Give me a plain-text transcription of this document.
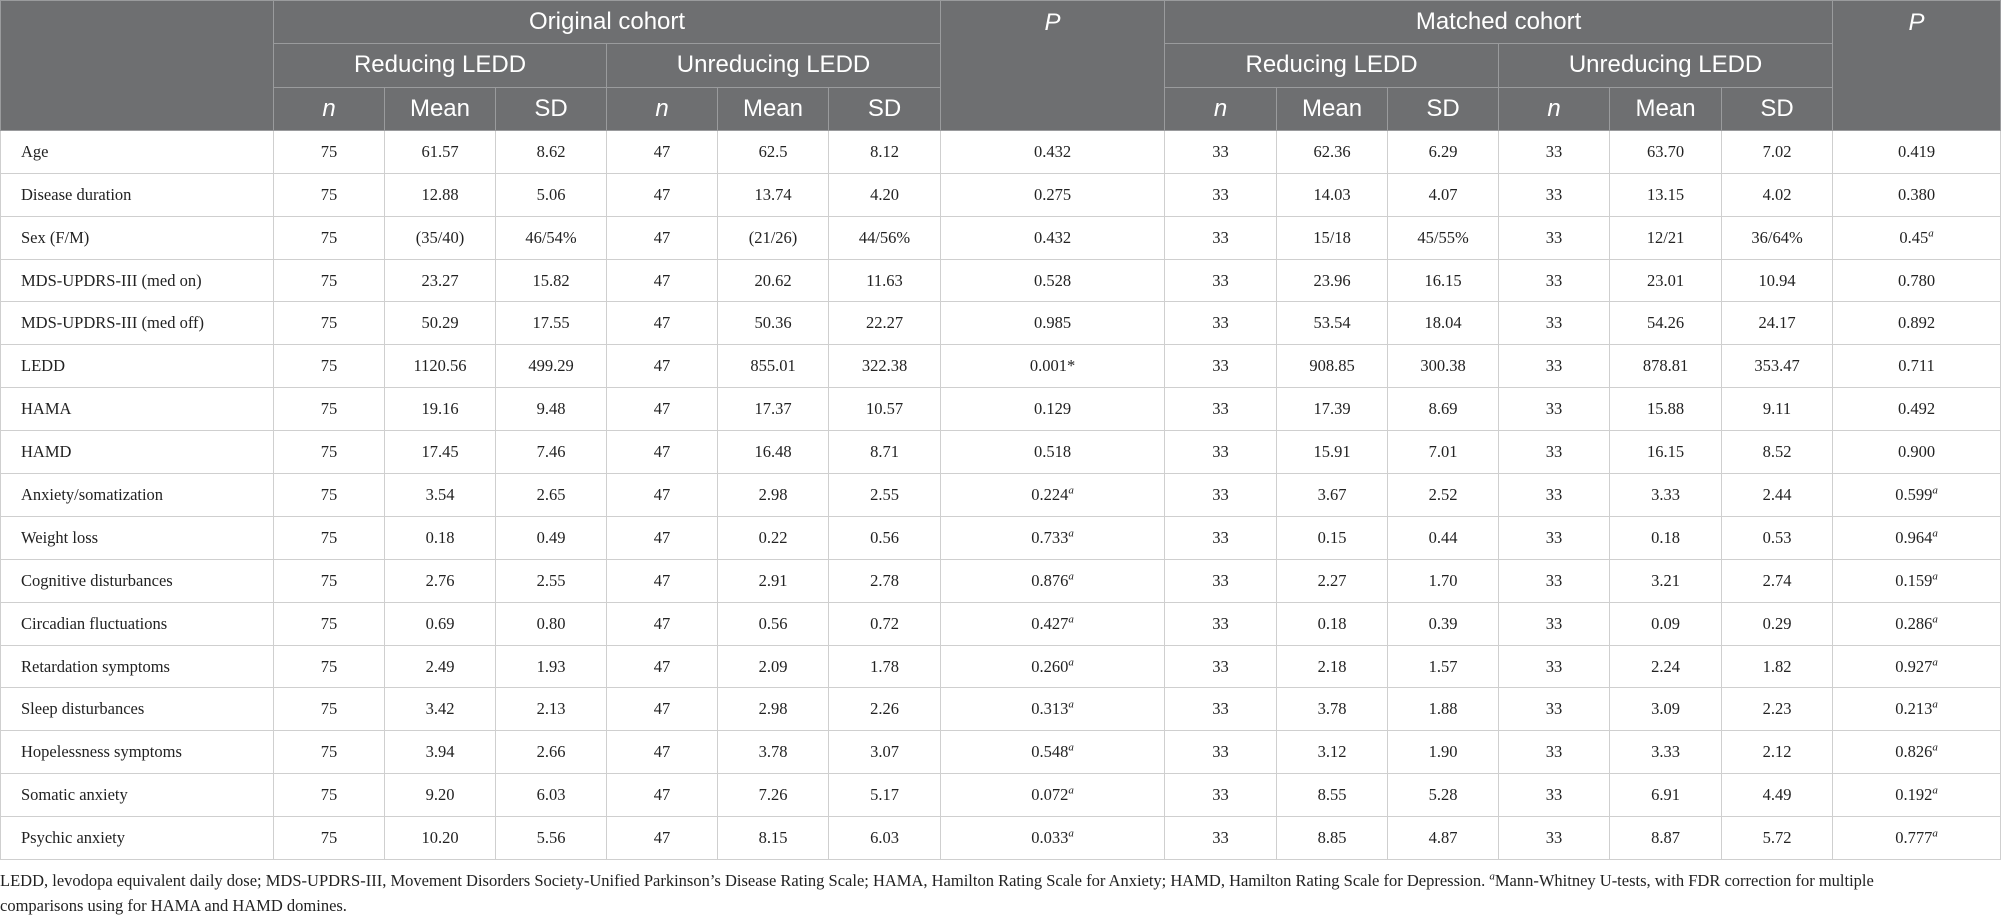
	Original cohort						P	Matched cohort						P
	Reducing LEDD			Unreducing LEDD				Reducing LEDD			Unreducing LEDD			
	n	Mean	SD	n	Mean	SD		n	Mean	SD	n	Mean	SD	
Age	75	61.57	8.62	47	62.5	8.12	0.432	33	62.36	6.29	33	63.70	7.02	0.419
Disease duration	75	12.88	5.06	47	13.74	4.20	0.275	33	14.03	4.07	33	13.15	4.02	0.380
Sex (F/M)	75	(35/40)	46/54%	47	(21/26)	44/56%	0.432	33	15/18	45/55%	33	12/21	36/64%	0.45$^a$
MDS-UPDRS-III (med on)	75	23.27	15.82	47	20.62	11.63	0.528	33	23.96	16.15	33	23.01	10.94	0.780
MDS-UPDRS-III (med off)	75	50.29	17.55	47	50.36	22.27	0.985	33	53.54	18.04	33	54.26	24.17	0.892
LEDD	75	1120.56	499.29	47	855.01	322.38	0.001*	33	908.85	300.38	33	878.81	353.47	0.711
HAMA	75	19.16	9.48	47	17.37	10.57	0.129	33	17.39	8.69	33	15.88	9.11	0.492
HAMD	75	17.45	7.46	47	16.48	8.71	0.518	33	15.91	7.01	33	16.15	8.52	0.900
Anxiety/somatization	75	3.54	2.65	47	2.98	2.55	0.224$^a$	33	3.67	2.52	33	3.33	2.44	0.599$^a$
Weight loss	75	0.18	0.49	47	0.22	0.56	0.733$^a$	33	0.15	0.44	33	0.18	0.53	0.964$^a$
Cognitive disturbances	75	2.76	2.55	47	2.91	2.78	0.876$^a$	33	2.27	1.70	33	3.21	2.74	0.159$^a$
Circadian fluctuations	75	0.69	0.80	47	0.56	0.72	0.427$^a$	33	0.18	0.39	33	0.09	0.29	0.286$^a$
Retardation symptoms	75	2.49	1.93	47	2.09	1.78	0.260$^a$	33	2.18	1.57	33	2.24	1.82	0.927$^a$
Sleep disturbances	75	3.42	2.13	47	2.98	2.26	0.313$^a$	33	3.78	1.88	33	3.09	2.23	0.213$^a$
Hopelessness symptoms	75	3.94	2.66	47	3.78	3.07	0.548$^a$	33	3.12	1.90	33	3.33	2.12	0.826$^a$
Somatic anxiety	75	9.20	6.03	47	7.26	5.17	0.072$^a$	33	8.55	5.28	33	6.91	4.49	0.192$^a$
Psychic anxiety	75	10.20	5.56	47	8.15	6.03	0.033$^a$	33	8.85	4.87	33	8.87	5.72	0.777$^a$
LEDD, levodopa equivalent daily dose; MDS-UPDRS-III, Movement Disorders Society-Unified Parkinson’s Disease Rating Scale; HAMA, Hamilton Rating Scale for Anxiety; HAMD, Hamilton Rating Scale for Depression. $^a$Mann-Whitney U-tests, with FDR correction for multiple comparisons using for HAMA and HAMD domines.
